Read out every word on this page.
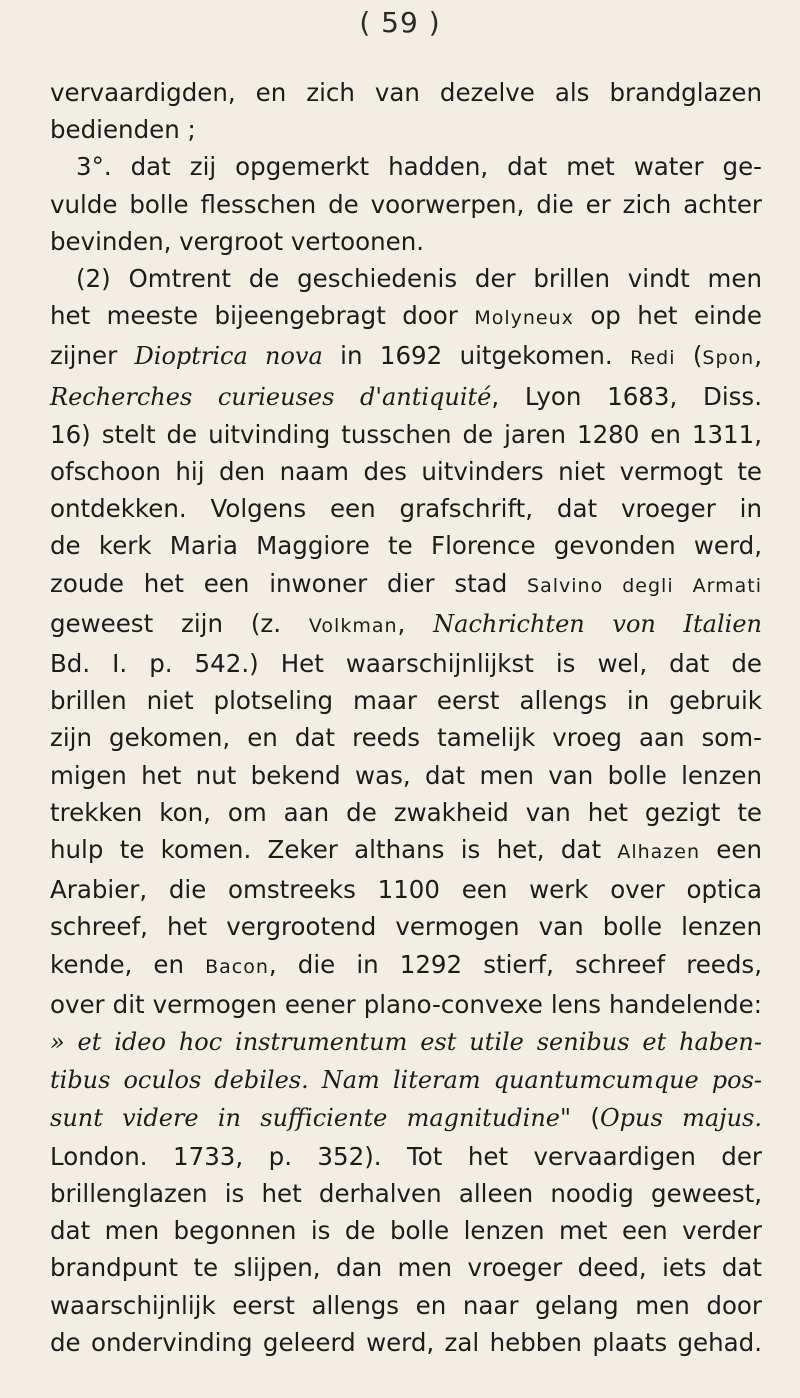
( 59 )
vervaardigden, en zich van dezelve als brandglazen
bedienden ;
3°. dat zij opgemerkt hadden, dat met water ge-
vulde bolle flesschen de voorwerpen, die er zich achter
bevinden, vergroot vertoonen.
(2) Omtrent de geschiedenis der brillen vindt men
het meeste bijeengebragt door Molyneux op het einde
zijner Dioptrica nova in 1692 uitgekomen. Redi (Spon,
Recherches curieuses d'antiquité, Lyon 1683, Diss.
16) stelt de uitvinding tusschen de jaren 1280 en 1311,
ofschoon hij den naam des uitvinders niet vermogt te
ontdekken. Volgens een grafschrift, dat vroeger in
de kerk Maria Maggiore te Florence gevonden werd,
zoude het een inwoner dier stad Salvino degli Armati
geweest zijn (z. Volkman, Nachrichten von Italien
Bd. I. p. 542.) Het waarschijnlijkst is wel, dat de
brillen niet plotseling maar eerst allengs in gebruik
zijn gekomen, en dat reeds tamelijk vroeg aan som-
migen het nut bekend was, dat men van bolle lenzen
trekken kon, om aan de zwakheid van het gezigt te
hulp te komen. Zeker althans is het, dat Alhazen een
Arabier, die omstreeks 1100 een werk over optica
schreef, het vergrootend vermogen van bolle lenzen
kende, en Bacon, die in 1292 stierf, schreef reeds,
over dit vermogen eener plano-convexe lens handelende:
» et ideo hoc instrumentum est utile senibus et haben-
tibus oculos debiles. Nam literam quantumcumque pos-
sunt videre in sufficiente magnitudine" (Opus majus.
London. 1733, p. 352). Tot het vervaardigen der
brillenglazen is het derhalven alleen noodig geweest,
dat men begonnen is de bolle lenzen met een verder
brandpunt te slijpen, dan men vroeger deed, iets dat
waarschijnlijk eerst allengs en naar gelang men door
de ondervinding geleerd werd, zal hebben plaats gehad.
